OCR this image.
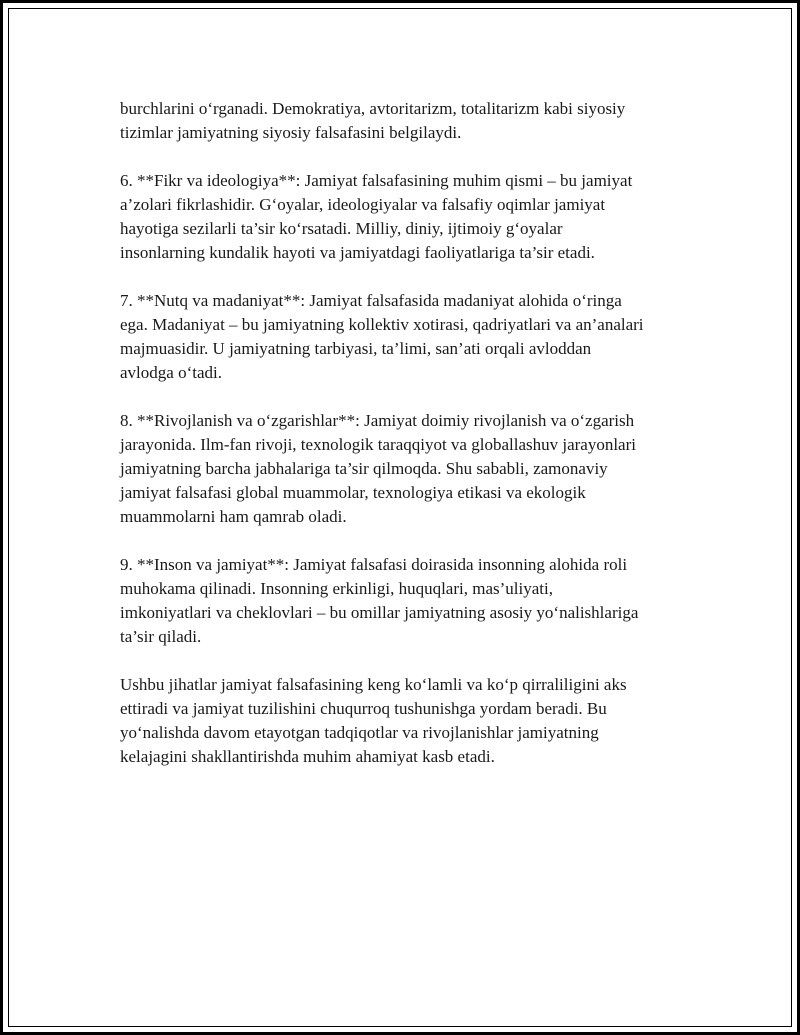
burchlarini o‘rganadi. Demokratiya, avtoritarizm, totalitarizm kabi siyosiy
tizimlar jamiyatning siyosiy falsafasini belgilaydi.

6. **Fikr va ideologiya**: Jamiyat falsafasining muhim qismi – bu jamiyat
a’zolari fikrlashidir. G‘oyalar, ideologiyalar va falsafiy oqimlar jamiyat
hayotiga sezilarli ta’sir ko‘rsatadi. Milliy, diniy, ijtimoiy g‘oyalar
insonlarning kundalik hayoti va jamiyatdagi faoliyatlariga ta’sir etadi.

7. **Nutq va madaniyat**: Jamiyat falsafasida madaniyat alohida o‘ringa
ega. Madaniyat – bu jamiyatning kollektiv xotirasi, qadriyatlari va an’analari
majmuasidir. U jamiyatning tarbiyasi, ta’limi, san’ati orqali avloddan
avlodga o‘tadi.

8. **Rivojlanish va o‘zgarishlar**: Jamiyat doimiy rivojlanish va o‘zgarish
jarayonida. Ilm-fan rivoji, texnologik taraqqiyot va globallashuv jarayonlari
jamiyatning barcha jabhalariga ta’sir qilmoqda. Shu sababli, zamonaviy
jamiyat falsafasi global muammolar, texnologiya etikasi va ekologik
muammolarni ham qamrab oladi.

9. **Inson va jamiyat**: Jamiyat falsafasi doirasida insonning alohida roli
muhokama qilinadi. Insonning erkinligi, huquqlari, mas’uliyati,
imkoniyatlari va cheklovlari – bu omillar jamiyatning asosiy yo‘nalishlariga
ta’sir qiladi.

Ushbu jihatlar jamiyat falsafasining keng ko‘lamli va ko‘p qirraliligini aks
ettiradi va jamiyat tuzilishini chuqurroq tushunishga yordam beradi. Bu
yo‘nalishda davom etayotgan tadqiqotlar va rivojlanishlar jamiyatning
kelajagini shakllantirishda muhim ahamiyat kasb etadi.
